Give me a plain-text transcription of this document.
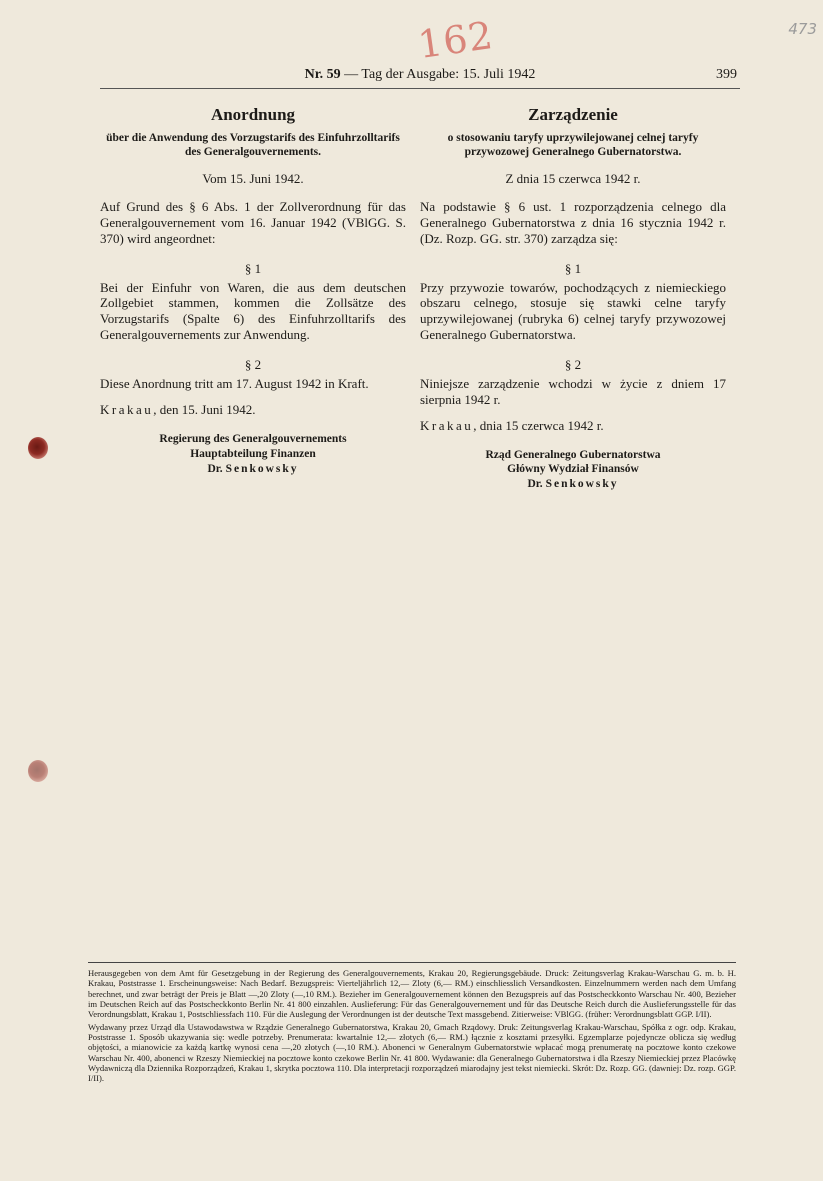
162	473
Nr. 59 — Tag der Ausgabe: 15. Juli 1942	399
Anordnung
über die Anwendung des Vorzugstarifs des Einfuhrzolltarifs des Generalgouvernements.
Vom 15. Juni 1942.
Auf Grund des § 6 Abs. 1 der Zollverordnung für das Generalgouvernement vom 16. Januar 1942 (VBlGG. S. 370) wird angeordnet:
§ 1
Bei der Einfuhr von Waren, die aus dem deutschen Zollgebiet stammen, kommen die Zollsätze des Vorzugstarifs (Spalte 6) des Einfuhrzolltarifs des Generalgouvernements zur Anwendung.
§ 2
Diese Anordnung tritt am 17. August 1942 in Kraft.
Krakau, den 15. Juni 1942.
Regierung des Generalgouvernements
Hauptabteilung Finanzen
Dr. Senkowsky
Zarządzenie
o stosowaniu taryfy uprzywilejowanej celnej taryfy przywozowej Generalnego Gubernatorstwa.
Z dnia 15 czerwca 1942 r.
Na podstawie § 6 ust. 1 rozporządzenia celnego dla Generalnego Gubernatorstwa z dnia 16 stycznia 1942 r. (Dz. Rozp. GG. str. 370) zarządza się:
§ 1
Przy przywozie towarów, pochodzących z niemieckiego obszaru celnego, stosuje się stawki celne taryfy uprzywilejowanej (rubryka 6) celnej taryfy przywozowej Generalnego Gubernatorstwa.
§ 2
Niniejsze zarządzenie wchodzi w życie z dniem 17 sierpnia 1942 r.
Krakau, dnia 15 czerwca 1942 r.
Rząd Generalnego Gubernatorstwa
Główny Wydział Finansów
Dr. Senkowsky

Herausgegeben von dem Amt für Gesetzgebung in der Regierung des Generalgouvernements, Krakau 20, Regierungsgebäude. Druck: Zeitungsverlag Krakau-Warschau G. m. b. H. Krakau, Poststrasse 1. Erscheinungsweise: Nach Bedarf. Bezugspreis: Vierteljährlich 12,— Zloty (6,— RM.) einschliesslich Versandkosten. Einzelnummern werden nach dem Umfang berechnet, und zwar beträgt der Preis je Blatt —,20 Zloty (—,10 RM.). Bezieher im Generalgouvernement können den Bezugspreis auf das Postscheckkonto Warschau Nr. 400, Bezieher im Deutschen Reich auf das Postscheckkonto Berlin Nr. 41 800 einzahlen. Auslieferung: Für das Generalgouvernement und für das Deutsche Reich durch die Auslieferungsstelle für das Verordnungsblatt, Krakau 1, Postschliessfach 110. Für die Auslegung der Verordnungen ist der deutsche Text massgebend. Zitierweise: VBlGG. (früher: Verordnungsblatt GGP. I/II).

Wydawany przez Urząd dla Ustawodawstwa w Rządzie Generalnego Gubernatorstwa, Krakau 20, Gmach Rządowy. Druk: Zeitungsverlag Krakau-Warschau, Spółka z ogr. odp. Krakau, Poststrasse 1. Sposób ukazywania się: wedle potrzeby. Prenumerata: kwartalnie 12,— złotych (6,— RM.) łącznie z kosztami przesyłki. Egzemplarze pojedyncze oblicza się według objętości, a mianowicie za każdą kartkę wynosi cena —,20 złotych (—,10 RM.). Abonenci w Generalnym Gubernatorstwie wpłacać mogą prenumeratę na pocztowe konto czekowe Warschau Nr. 400, abonenci w Rzeszy Niemieckiej na pocztowe konto czekowe Berlin Nr. 41 800. Wydawanie: dla Generalnego Gubernatorstwa i dla Rzeszy Niemieckiej przez Placówkę Wydawniczą dla Dziennika Rozporządzeń, Krakau 1, skrytka pocztowa 110. Dla interpretacji rozporządzeń miarodajny jest tekst niemiecki. Skrót: Dz. Rozp. GG. (dawniej: Dz. rozp. GGP. I/II).
